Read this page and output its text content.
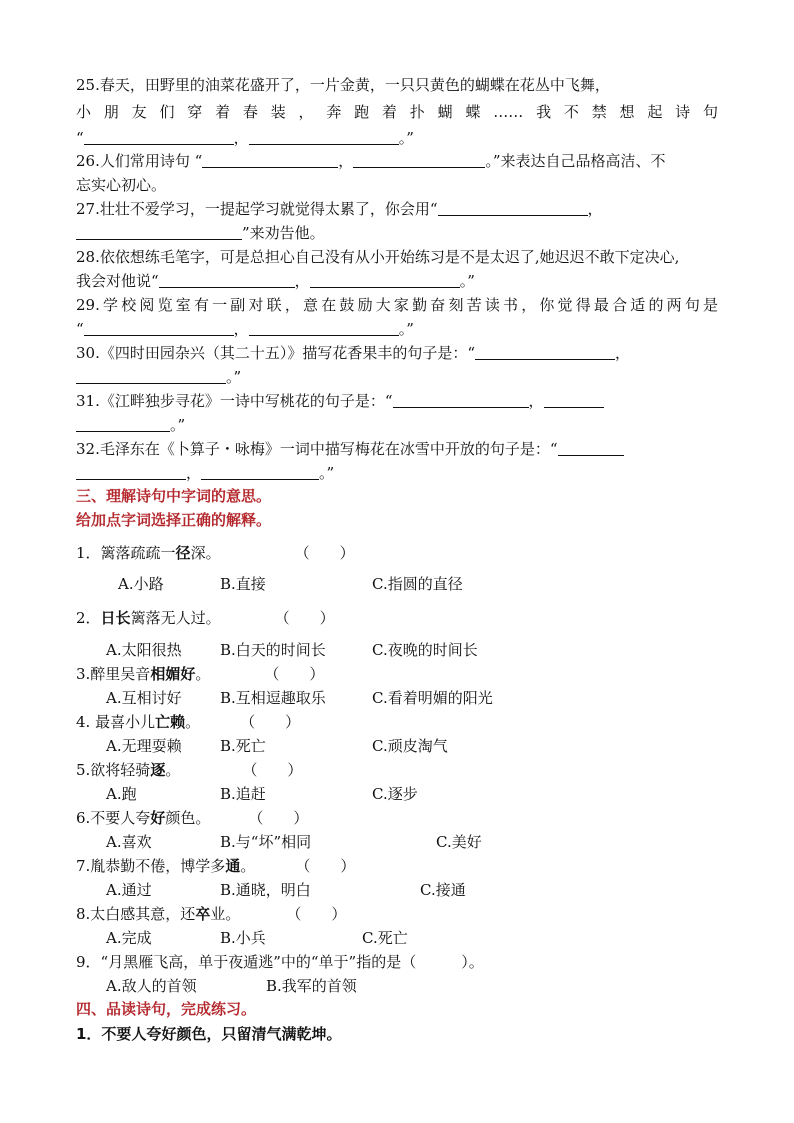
25.春天，田野里的油菜花盛开了，一片金黄，一只只黄色的蝴蝶在花丛中飞舞，
小朋友们穿着春装，奔跑着扑蝴蝶……我不禁想起诗句
“	，	。”
26.人们常用诗句 “	，	。”来表达自己品格高洁、不
忘实心初心。
27.壮壮不爱学习，一提起学习就觉得太累了，你会用“	，
”来劝告他。
28.依依想练毛笔字，可是总担心自己没有从小开始练习是不是太迟了,她迟迟不敢下定决心,
我会对他说“	，	。”
29.学校阅览室有一副对联，意在鼓励大家勤奋刻苦读书，你觉得最合适的两句是
“	，	。”
30.《四时田园杂兴（其二十五）》描写花香果丰的句子是：“	，
。”
31.《江畔独步寻花》一诗中写桃花的句子是：“	，
。”
32.毛泽东在《卜算子・咏梅》一词中描写梅花在冰雪中开放的句子是：“
，	。”
三、理解诗句中字词的意思。
给加点字词选择正确的解释。
1．篱落疏疏一径深。	（　　）
A.小路	B.直接	C.指圆的直径
2．日长篱落无人过。	（　　）
A.太阳很热	B.白天的时间长	C.夜晚的时间长
3.醉里吴音相媚好。	（　　）
A.互相讨好	B.互相逗趣取乐	C.看着明媚的阳光
4. 最喜小儿亡赖。	（　　）
A.无理耍赖	B.死亡	C.顽皮淘气
5.欲将轻骑逐。	（　　）
A.跑	B.追赶	C.逐步
6.不要人夸好颜色。	（　　）
A.喜欢	B.与“坏”相同	C.美好
7.胤恭勤不倦，博学多通。	（　　）
A.通过	B.通晓，明白	C.接通
8.太白感其意，还卒业。	（　　）
A.完成	B.小兵	C.死亡
9．“月黑雁飞高，单于夜遁逃”中的“单于”指的是（　　　）。
A.敌人的首领	B.我军的首领
四、品读诗句，完成练习。
1．不要人夸好颜色，只留清气满乾坤。
